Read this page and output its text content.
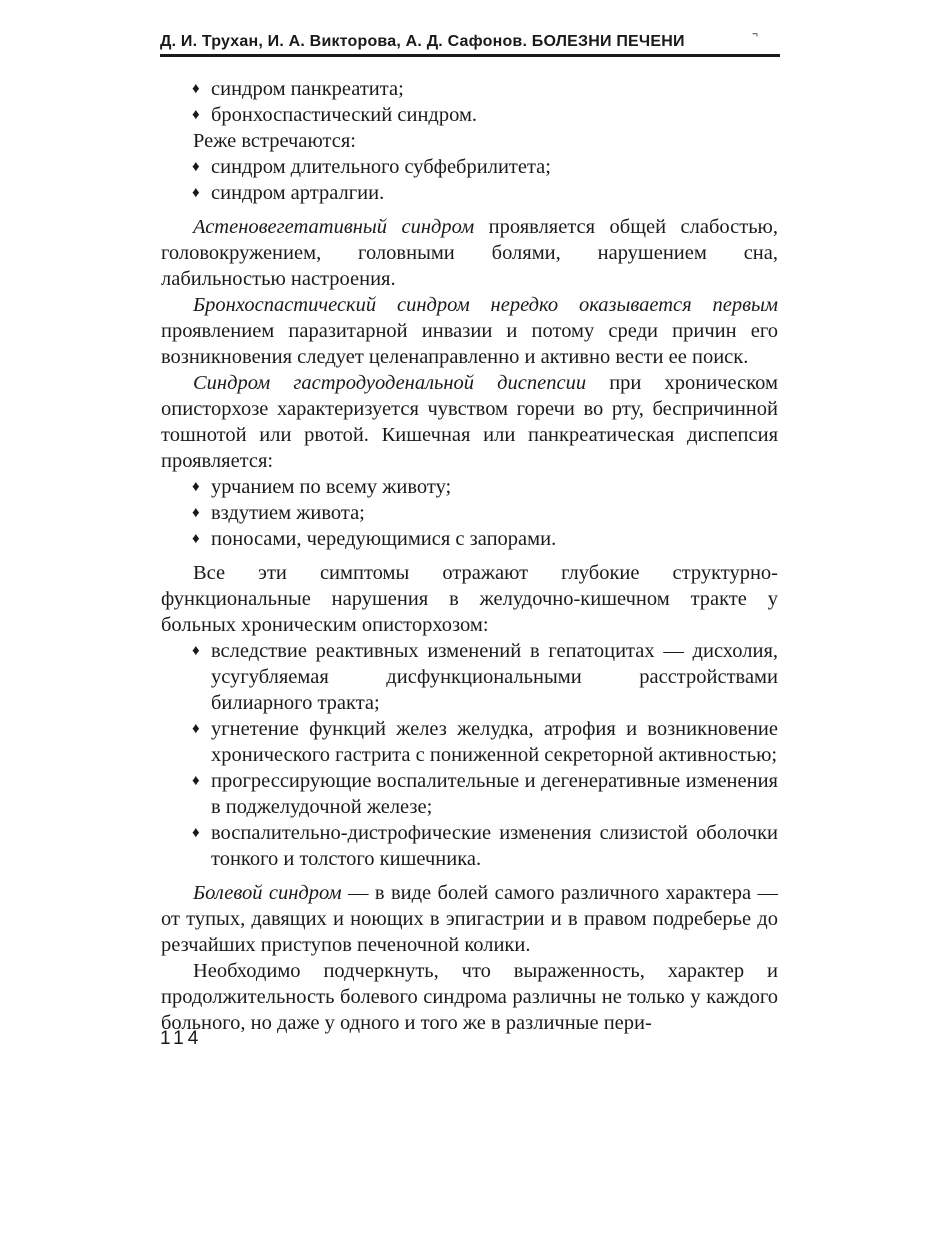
Д. И. Трухан, И. А. Викторова, А. Д. Сафонов. БОЛЕЗНИ ПЕЧЕНИ	¬
♦ синдром панкреатита;
♦ бронхоспастический синдром.

Реже встречаются:

♦ синдром длительного субфебрилитета;
♦ синдром артралгии.

Астеновегетативный синдром проявляется общей слабостью, головокружением, головными болями, нарушением сна, лабильностью настроения.

Бронхоспастический синдром нередко оказывается первым проявлением паразитарной инвазии и потому среди причин его возникновения следует целенаправленно и активно вести ее поиск.

Синдром гастродуоденальной диспепсии при хроническом описторхозе характеризуется чувством горечи во рту, беспричинной тошнотой или рвотой. Кишечная или панкреатическая диспепсия проявляется:

♦ урчанием по всему животу;
♦ вздутием живота;
♦ поносами, чередующимися с запорами.

Все эти симптомы отражают глубокие структурно-функциональные нарушения в желудочно-кишечном тракте у больных хроническим описторхозом:

♦ вследствие реактивных изменений в гепатоцитах — дисхолия, усугубляемая дисфункциональными расстройствами билиарного тракта;
♦ угнетение функций желез желудка, атрофия и возникновение хронического гастрита с пониженной секреторной активностью;
♦ прогрессирующие воспалительные и дегенеративные изменения в поджелудочной железе;
♦ воспалительно-дистрофические изменения слизистой оболочки тонкого и толстого кишечника.

Болевой синдром — в виде болей самого различного характера — от тупых, давящих и ноющих в эпигастрии и в правом подреберье до резчайших приступов печеночной колики.

Необходимо подчеркнуть, что выраженность, характер и продолжительность болевого синдрома различны не только у каждого больного, но даже у одного и того же в различные пери-

114
